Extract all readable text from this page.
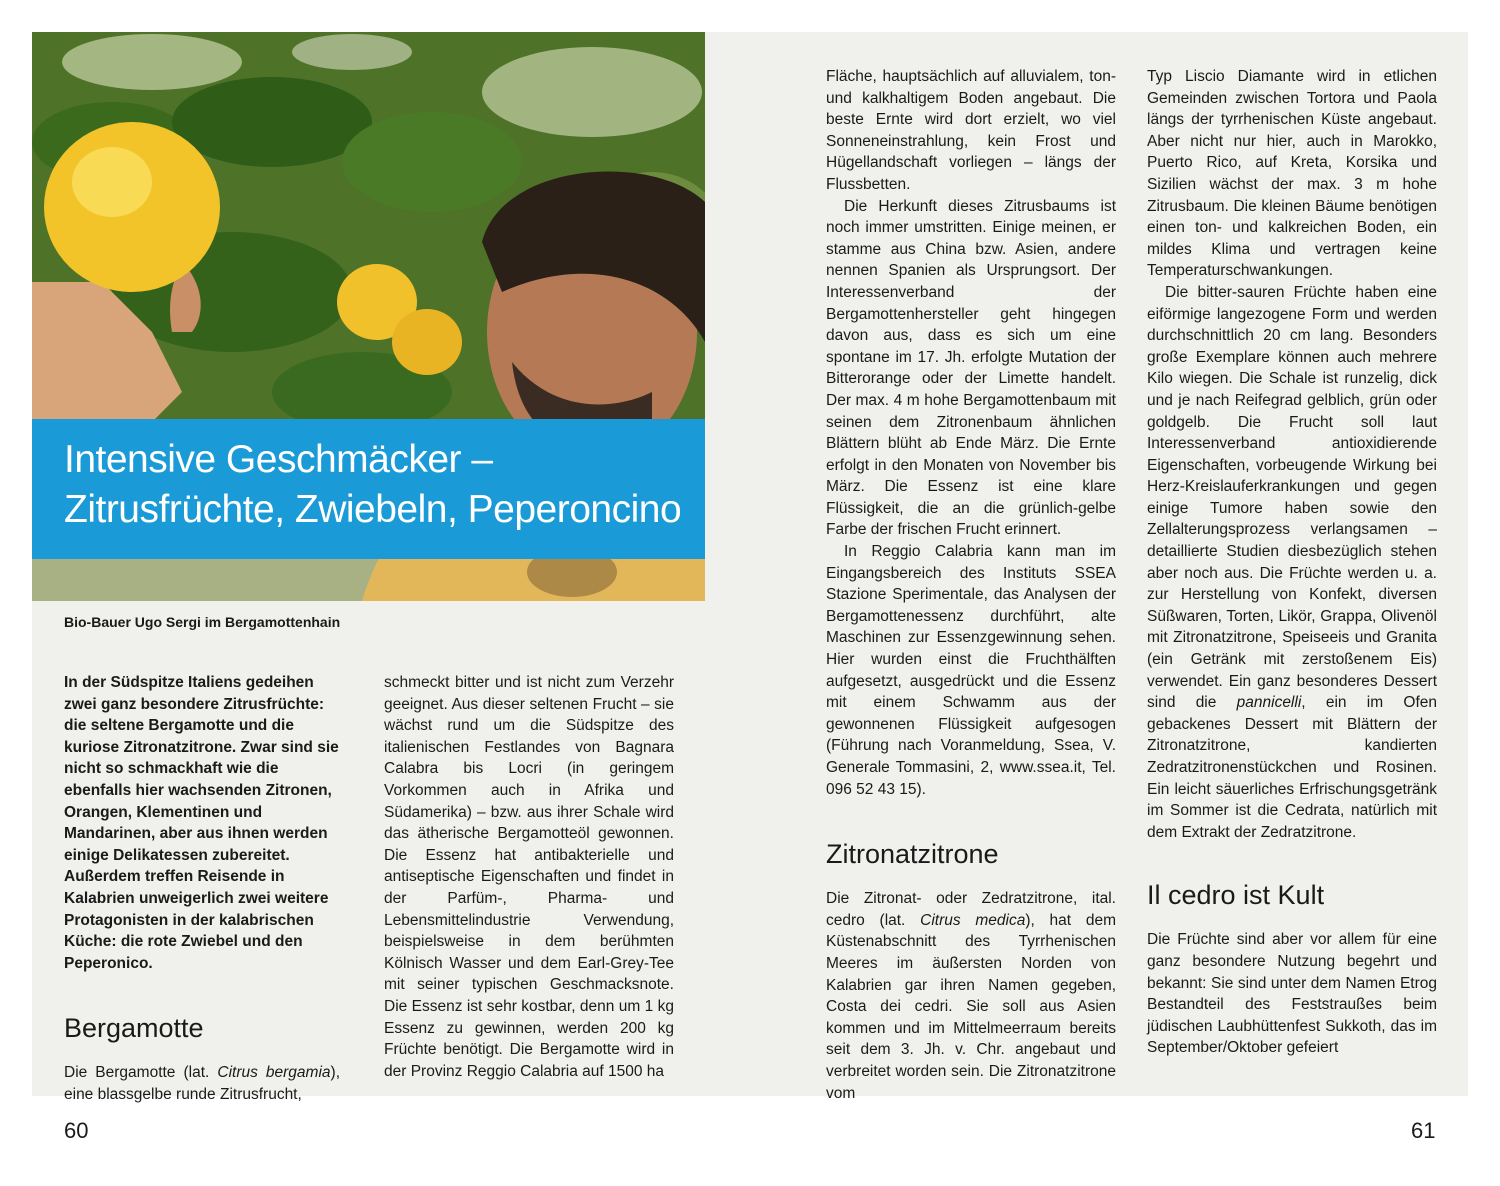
Intensive Geschmäcker –
Zitrusfrüchte, Zwiebeln, Peperoncino
Bio-Bauer Ugo Sergi im Bergamottenhain

In der Südspitze Italiens gedeihen zwei ganz besondere Zitrusfrüchte: die seltene Bergamotte und die kuriose Zitronatzitrone. Zwar sind sie nicht so schmackhaft wie die ebenfalls hier wachsenden Zitronen, Orangen, Klementinen und Mandarinen, aber aus ihnen werden einige Delikatessen zubereitet. Außerdem treffen Reisende in Kalabrien unweigerlich zwei weitere Protagonisten in der kalabrischen Küche: die rote Zwiebel und den Peperonico.

Bergamotte

Die Bergamotte (lat. Citrus bergamia), eine blassgelbe runde Zitrusfrucht,

schmeckt bitter und ist nicht zum Verzehr geeignet. Aus dieser seltenen Frucht – sie wächst rund um die Südspitze des italienischen Festlandes von Bagnara Calabra bis Locri (in geringem Vorkommen auch in Afrika und Südamerika) – bzw. aus ihrer Schale wird das ätherische Bergamotteöl gewonnen. Die Essenz hat antibakterielle und antiseptische Eigenschaften und findet in der Parfüm-, Pharma- und Lebensmittelindustrie Verwendung, beispielsweise in dem berühmten Kölnisch Wasser und dem Earl-Grey-Tee mit seiner typischen Geschmacksnote. Die Essenz ist sehr kostbar, denn um 1 kg Essenz zu gewinnen, werden 200 kg Früchte benötigt. Die Bergamotte wird in der Provinz Reggio Calabria auf 1500 ha

Fläche, hauptsächlich auf alluvialem, ton- und kalkhaltigem Boden angebaut. Die beste Ernte wird dort erzielt, wo viel Sonneneinstrahlung, kein Frost und Hügellandschaft vorliegen – längs der Flussbetten.

Die Herkunft dieses Zitrusbaums ist noch immer umstritten. Einige meinen, er stamme aus China bzw. Asien, andere nennen Spanien als Ursprungsort. Der Interessenverband der Bergamottenhersteller geht hingegen davon aus, dass es sich um eine spontane im 17. Jh. erfolgte Mutation der Bitterorange oder der Limette handelt. Der max. 4 m hohe Bergamottenbaum mit seinen dem Zitronenbaum ähnlichen Blättern blüht ab Ende März. Die Ernte erfolgt in den Monaten von November bis März. Die Essenz ist eine klare Flüssigkeit, die an die grünlich-gelbe Farbe der frischen Frucht erinnert.

In Reggio Calabria kann man im Eingangsbereich des Instituts SSEA Stazione Sperimentale, das Analysen der Bergamottenessenz durchführt, alte Maschinen zur Essenzgewinnung sehen. Hier wurden einst die Fruchthälften aufgesetzt, ausgedrückt und die Essenz mit einem Schwamm aus der gewonnenen Flüssigkeit aufgesogen (Führung nach Voranmeldung, Ssea, V. Generale Tommasini, 2, www.ssea.it, Tel. 096 52 43 15).

Zitronatzitrone

Die Zitronat- oder Zedratzitrone, ital. cedro (lat. Citrus medica), hat dem Küstenabschnitt des Tyrrhenischen Meeres im äußersten Norden von Kalabrien gar ihren Namen gegeben, Costa dei cedri. Sie soll aus Asien kommen und im Mittelmeerraum bereits seit dem 3. Jh. v. Chr. angebaut und verbreitet worden sein. Die Zitronatzitrone vom

Typ Liscio Diamante wird in etlichen Gemeinden zwischen Tortora und Paola längs der tyrrhenischen Küste angebaut. Aber nicht nur hier, auch in Marokko, Puerto Rico, auf Kreta, Korsika und Sizilien wächst der max. 3 m hohe Zitrusbaum. Die kleinen Bäume benötigen einen ton- und kalkreichen Boden, ein mildes Klima und vertragen keine Temperaturschwankungen.

Die bitter-sauren Früchte haben eine eiförmige langezogene Form und werden durchschnittlich 20 cm lang. Besonders große Exemplare können auch mehrere Kilo wiegen. Die Schale ist runzelig, dick und je nach Reifegrad gelblich, grün oder goldgelb. Die Frucht soll laut Interessenverband antioxidierende Eigenschaften, vorbeugende Wirkung bei Herz-Kreislauferkrankungen und gegen einige Tumore haben sowie den Zellalterungsprozess verlangsamen – detaillierte Studien diesbezüglich stehen aber noch aus. Die Früchte werden u. a. zur Herstellung von Konfekt, diversen Süßwaren, Torten, Likör, Grappa, Olivenöl mit Zitronatzitrone, Speiseeis und Granita (ein Getränk mit zerstoßenem Eis) verwendet. Ein ganz besonderes Dessert sind die pannicelli, ein im Ofen gebackenes Dessert mit Blättern der Zitronatzitrone, kandierten Zedratzitronenstückchen und Rosinen. Ein leicht säuerliches Erfrischungsgetränk im Sommer ist die Cedrata, natürlich mit dem Extrakt der Zedratzitrone.

Il cedro ist Kult

Die Früchte sind aber vor allem für eine ganz besondere Nutzung begehrt und bekannt: Sie sind unter dem Namen Etrog Bestandteil des Feststraußes beim jüdischen Laubhüttenfest Sukkoth, das im September/Oktober gefeiert

60	61
